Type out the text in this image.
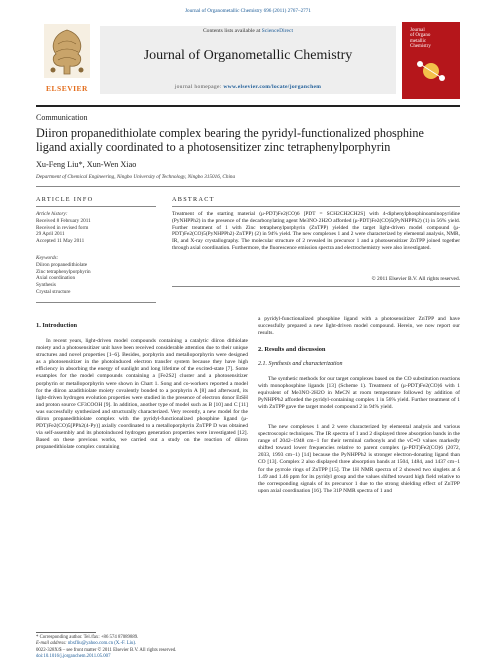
Journal of Organometallic Chemistry 696 (2011) 2767–2771
ELSEVIER
Contents lists available at ScienceDirect
Journal of Organometallic Chemistry
journal homepage: www.elsevier.com/locate/jorganchem
Journal
of Organo
metallic
Chemistry
Communication
Diiron propanedithiolate complex bearing the pyridyl-functionalized phosphine
ligand axially coordinated to a photosensitizer zinc tetraphenylporphyrin
Xu-Feng Liu*, Xun-Wen Xiao
Department of Chemical Engineering, Ningbo University of Technology, Ningbo 315016, China
ARTICLE INFO	ABSTRACT
Article history:
Received 8 February 2011
Received in revised form
29 April 2011
Accepted 11 May 2011
Keywords:
Diiron propanedithiolate
Zinc tetraphenylporphyrin
Axial coordination
Synthesis
Crystal structure
Treatment of the starting material (μ-PDT)Fe2(CO)6 [PDT = SCH2CH2CH2S] with 4-diphenylphosphinoaminopyridine (PyNHPPh2) in the presence of the decarbonylating agent Me3NO·2H2O afforded (μ-PDT)Fe2(CO)5(PyNHPPh2) (1) in 56% yield. Further treatment of 1 with Zinc tetraphenylporphyrin (ZnTPP) yielded the target light-driven model compound (μ-PDT)Fe2(CO)5(PyNHPPh2)·ZnTPP) (2) in 94% yield. The new complexes 1 and 2 were characterized by elemental analysis, NMR, IR, and X-ray crystallography. The molecular structure of 2 revealed its precursor 1 and a photosensitizer ZnTPP joined together through axial coordination. Furthermore, the fluorescence emission spectra and electrochemistry were also investigated.
© 2011 Elsevier B.V. All rights reserved.
1. Introduction
In recent years, light-driven model compounds containing a catalytic diiron dithiolate moiety and a photosensitizer unit have been received considerable attention due to their unique structures and novel properties [1–6]. Besides, porphyrin and metalloporphyrin were designed as a photosensitizer in the photoinduced electron transfer system because they have high efficiency in absorbing the energy of sunlight and long lifetime of the excited-state [7]. Some examples for the model compounds containing a [Fe2S2] cluster and a photosensitizer porphyrin or metalloporphyrin were shown in Chart 1. Song and co-workers reported a model for the diiron azadithiolate moiety covalently bonded to a porphyrin A [8] and afterward, its light-driven hydrogen evolution properties were studied in the presence of electron donor EtSH and proton source CF3COOH [9]. In addition, another type of model such as B [10] and C [11] was successfully synthesized and structurally characterized. Very recently, a new model for the diiron propanedithiolate complex with the pyridyl-functionalized phosphine ligand (μ-PDT)Fe2(CO)5[PPh2(4-Py)] axially coordinated to a metalloporphyrin ZnTPP D was obtained via self-assembly and its photoinduced hydrogen generation properties were investigated [12]. Based on these previous works, we carried out a study on the reaction of diiron propanedithiolate complex containing
a pyridyl-functionalized phosphine ligand with a photosensitizer ZnTPP and have successfully prepared a new light-driven model compound. Herein, we now report our results.
2. Results and discussion
2.1. Synthesis and characterization
The synthetic methods for our target complexes based on the CO substitution reactions with monophosphine ligands [13] (Scheme 1). Treatment of (μ-PDT)Fe2(CO)6 with 1 equivalent of Me3NO·2H2O in MeCN at room temperature followed by addition of PyNHPPh2 afforded the pyridyl-containing complex 1 in 56% yield. Further treatment of 1 with ZnTPP gave the target model compound 2 in 94% yield.
The new complexes 1 and 2 were characterized by elemental analysis and various spectroscopic techniques. The IR spectra of 1 and 2 displayed three absorption bands in the range of 2042–1948 cm−1 for their terminal carbonyls and the νC≡O values markedly shifted toward lower frequencies relative to parent complex (μ-PDT)Fe2(CO)6 (2072, 2033, 1993 cm−1) [14] because the PyNHPPh2 is stronger electron-donating ligand than CO [13]. Complex 2 also displayed three absorption bands at 1504, 1484, and 1437 cm−1 for the pyrrole rings of ZnTPP [15]. The 1H NMR spectra of 2 showed two singlets at δ 1.49 and 1.46 ppm for its pyridyl group and the values shifted toward high field relative to the corresponding signals of its precursor 1 due to the strong shielding effect of ZnTPP upon axial coordination [16]. The 31P NMR spectra of 1 and
* Corresponding author. Tel./fax: +86 574 87089889.
E-mail address: nbxfliu@yahoo.com.cn (X.-F. Liu).
0022-328X/$ – see front matter © 2011 Elsevier B.V. All rights reserved.
doi:10.1016/j.jorganchem.2011.05.007
